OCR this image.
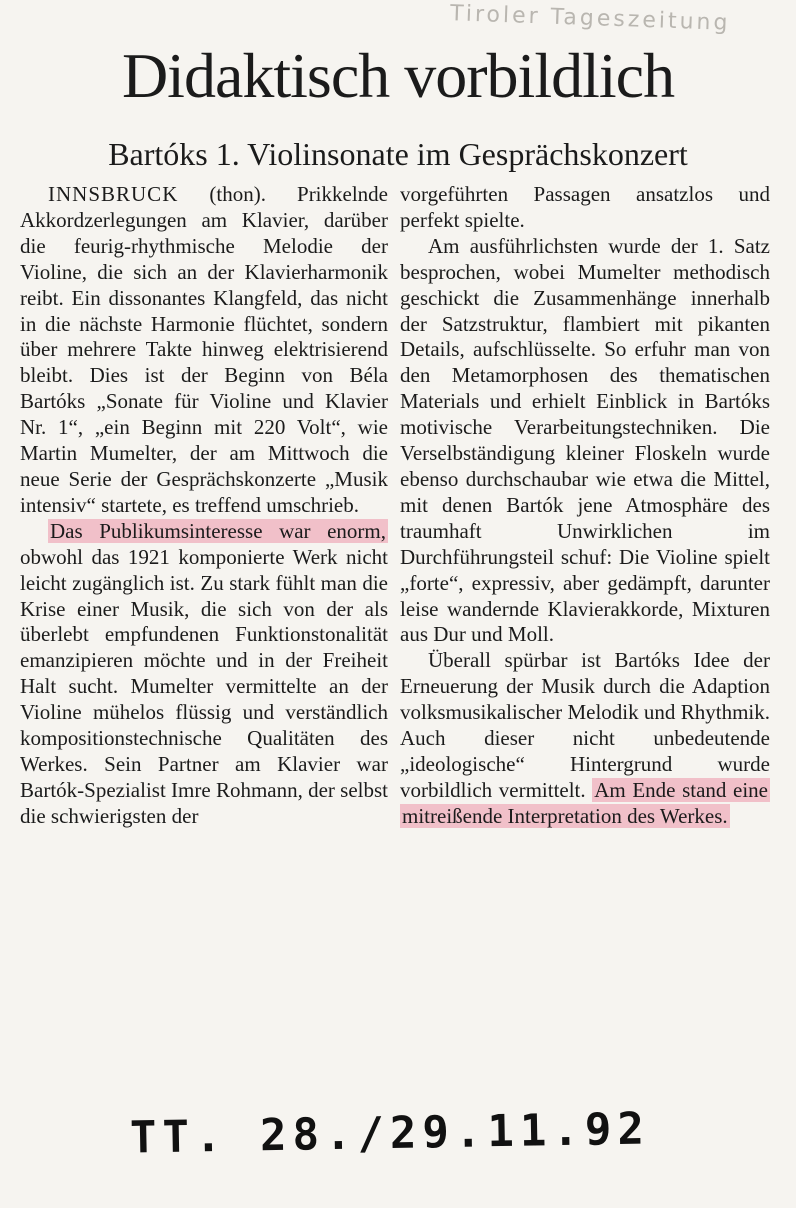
Tiroler Tageszeitung
Didaktisch vorbildlich
Bartóks 1. Violinsonate im Gesprächskonzert

INNSBRUCK (thon). Prikkelnde Akkordzerlegungen am Klavier, darüber die feurig-rhythmische Melodie der Violine, die sich an der Klavierharmonik reibt. Ein dissonantes Klangfeld, das nicht in die nächste Harmonie flüchtet, sondern über mehrere Takte hinweg elektrisierend bleibt. Dies ist der Beginn von Béla Bartóks „Sonate für Violine und Klavier Nr. 1“, „ein Beginn mit 220 Volt“, wie Martin Mumelter, der am Mittwoch die neue Serie der Gesprächskonzerte „Musik intensiv“ startete, es treffend umschrieb.

Das Publikumsinteresse war enorm, obwohl das 1921 komponierte Werk nicht leicht zugänglich ist. Zu stark fühlt man die Krise einer Musik, die sich von der als überlebt empfundenen Funktionstonalität emanzipieren möchte und in der Freiheit Halt sucht. Mumelter vermittelte an der Violine mühelos flüssig und verständlich kompositionstechnische Qualitäten des Werkes. Sein Partner am Klavier war Bartók-Spezialist Imre Rohmann, der selbst die schwierigsten der

vorgeführten Passagen ansatzlos und perfekt spielte.

Am ausführlichsten wurde der 1. Satz besprochen, wobei Mumelter methodisch geschickt die Zusammenhänge innerhalb der Satzstruktur, flambiert mit pikanten Details, aufschlüsselte. So erfuhr man von den Metamorphosen des thematischen Materials und erhielt Einblick in Bartóks motivische Verarbeitungstechniken. Die Verselbständigung kleiner Floskeln wurde ebenso durchschaubar wie etwa die Mittel, mit denen Bartók jene Atmosphäre des traumhaft Unwirklichen im Durchführungsteil schuf: Die Violine spielt „forte“, expressiv, aber gedämpft, darunter leise wandernde Klavierakkorde, Mixturen aus Dur und Moll.

Überall spürbar ist Bartóks Idee der Erneuerung der Musik durch die Adaption volksmusikalischer Melodik und Rhythmik. Auch dieser nicht unbedeutende „ideologische“ Hintergrund wurde vorbildlich vermittelt. Am Ende stand eine mitreißende Interpretation des Werkes.

TT. 28./29.11.92
